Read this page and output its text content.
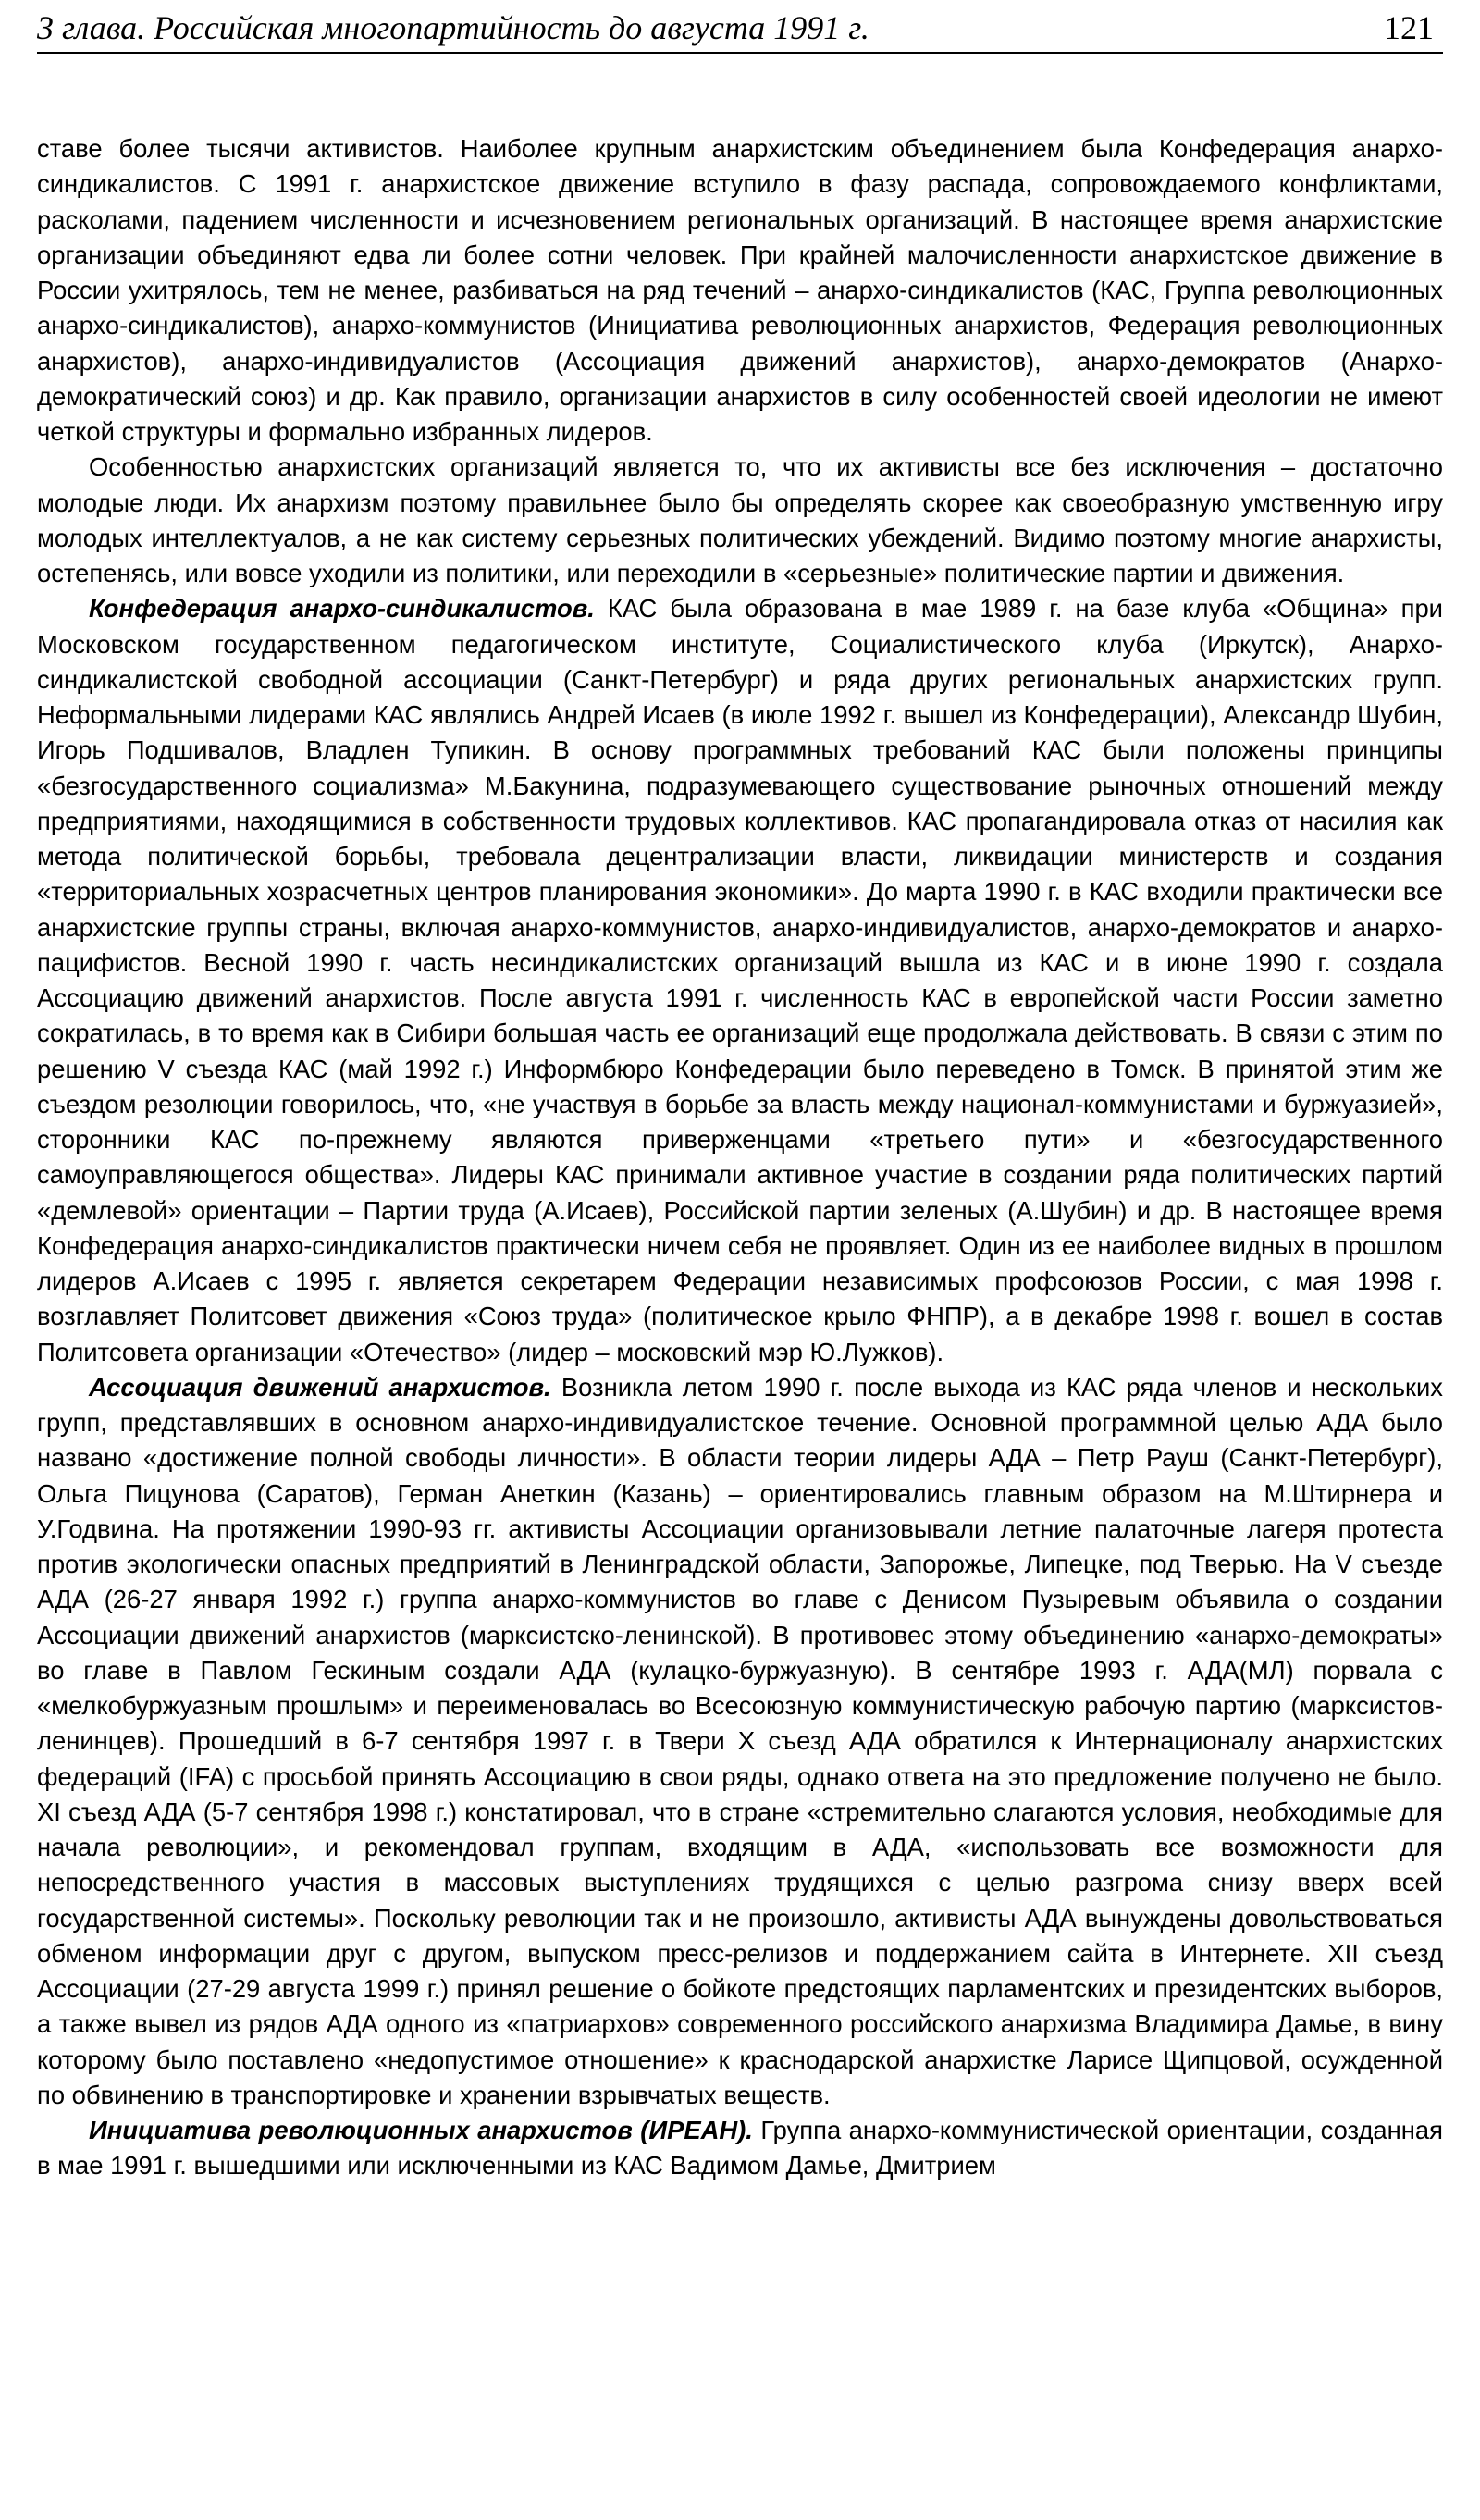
3 глава. Российская многопартийность до августа 1991 г.	121

ставе более тысячи активистов. Наиболее крупным анархистским объединением была Конфедерация анархо-синдикалистов. С 1991 г. анархистское движение вступило в фазу распада, сопровождаемого конфликтами, расколами, падением численности и исчезновением региональных организаций. В настоящее время анархистские организации объединяют едва ли более сотни человек. При крайней малочисленности анархистское движение в России ухитрялось, тем не менее, разбиваться на ряд течений – анархо-синдикалистов (КАС, Группа революционных анархо-синдикалистов), анархо-коммунистов (Инициатива революционных анархистов, Федерация революционных анархистов), анархо-индивидуалистов (Ассоциация движений анархистов), анархо-демократов (Анархо-демократический союз) и др. Как правило, организации анархистов в силу особенностей своей идеологии не имеют четкой структуры и формально избранных лидеров.

Особенностью анархистских организаций является то, что их активисты все без исключения – достаточно молодые люди. Их анархизм поэтому правильнее было бы определять скорее как своеобразную умственную игру молодых интеллектуалов, а не как систему серьезных политических убеждений. Видимо поэтому многие анархисты, остепенясь, или вовсе уходили из политики, или переходили в «серьезные» политические партии и движения.

Конфедерация анархо-синдикалистов. КАС была образована в мае 1989 г. на базе клуба «Община» при Московском государственном педагогическом институте, Социалистического клуба (Иркутск), Анархо-синдикалистской свободной ассоциации (Санкт-Петербург) и ряда других региональных анархистских групп. Неформальными лидерами КАС являлись Андрей Исаев (в июле 1992 г. вышел из Конфедерации), Александр Шубин, Игорь Подшивалов, Владлен Тупикин. В основу программных требований КАС были положены принципы «безгосударственного социализма» М.Бакунина, подразумевающего существование рыночных отношений между предприятиями, находящимися в собственности трудовых коллективов. КАС пропагандировала отказ от насилия как метода политической борьбы, требовала децентрализации власти, ликвидации министерств и создания «территориальных хозрасчетных центров планирования экономики». До марта 1990 г. в КАС входили практически все анархистские группы страны, включая анархо-коммунистов, анархо-индивидуалистов, анархо-демократов и анархо-пацифистов. Весной 1990 г. часть несиндикалистских организаций вышла из КАС и в июне 1990 г. создала Ассоциацию движений анархистов. После августа 1991 г. численность КАС в европейской части России заметно сократилась, в то время как в Сибири большая часть ее организаций еще продолжала действовать. В связи с этим по решению V съезда КАС (май 1992 г.) Информбюро Конфедерации было переведено в Томск. В принятой этим же съездом резолюции говорилось, что, «не участвуя в борьбе за власть между национал-коммунистами и буржуазией», сторонники КАС по-прежнему являются приверженцами «третьего пути» и «безгосударственного самоуправляющегося общества». Лидеры КАС принимали активное участие в создании ряда политических партий «демлевой» ориентации – Партии труда (А.Исаев), Российской партии зеленых (А.Шубин) и др. В настоящее время Конфедерация анархо-синдикалистов практически ничем себя не проявляет. Один из ее наиболее видных в прошлом лидеров А.Исаев с 1995 г. является секретарем Федерации независимых профсоюзов России, с мая 1998 г. возглавляет Политсовет движения «Союз труда» (политическое крыло ФНПР), а в декабре 1998 г. вошел в состав Политсовета организации «Отечество» (лидер – московский мэр Ю.Лужков).

Ассоциация движений анархистов. Возникла летом 1990 г. после выхода из КАС ряда членов и нескольких групп, представлявших в основном анархо-индивидуалистское течение. Основной программной целью АДА было названо «достижение полной свободы личности». В области теории лидеры АДА – Петр Рауш (Санкт-Петербург), Ольга Пицунова (Саратов), Герман Анеткин (Казань) – ориентировались главным образом на М.Штирнера и У.Годвина. На протяжении 1990-93 гг. активисты Ассоциации организовывали летние палаточные лагеря протеста против экологически опасных предприятий в Ленинградской области, Запорожье, Липецке, под Тверью. На V съезде АДА (26-27 января 1992 г.) группа анархо-коммунистов во главе с Денисом Пузыревым объявила о создании Ассоциации движений анархистов (марксистско-ленинской). В противовес этому объединению «анархо-демократы» во главе в Павлом Гескиным создали АДА (кулацко-буржуазную). В сентябре 1993 г. АДА(МЛ) порвала с «мелкобуржуазным прошлым» и переименовалась во Всесоюзную коммунистическую рабочую партию (марксистов-ленинцев). Прошедший в 6-7 сентября 1997 г. в Твери X съезд АДА обратился к Интернационалу анархистских федераций (IFA) с просьбой принять Ассоциацию в свои ряды, однако ответа на это предложение получено не было. XI съезд АДА (5-7 сентября 1998 г.) констатировал, что в стране «стремительно слагаются условия, необходимые для начала революции», и рекомендовал группам, входящим в АДА, «использовать все возможности для непосредственного участия в массовых выступлениях трудящихся с целью разгрома снизу вверх всей государственной системы». Поскольку революции так и не произошло, активисты АДА вынуждены довольствоваться обменом информации друг с другом, выпуском пресс-релизов и поддержанием сайта в Интернете. XII съезд Ассоциации (27-29 августа 1999 г.) принял решение о бойкоте предстоящих парламентских и президентских выборов, а также вывел из рядов АДА одного из «патриархов» современного российского анархизма Владимира Дамье, в вину которому было поставлено «недопустимое отношение» к краснодарской анархистке Ларисе Щипцовой, осужденной по обвинению в транспортировке и хранении взрывчатых веществ.

Инициатива революционных анархистов (ИРЕАН). Группа анархо-коммунистической ориентации, созданная в мае 1991 г. вышедшими или исключенными из КАС Вадимом Дамье, Дмитрием
